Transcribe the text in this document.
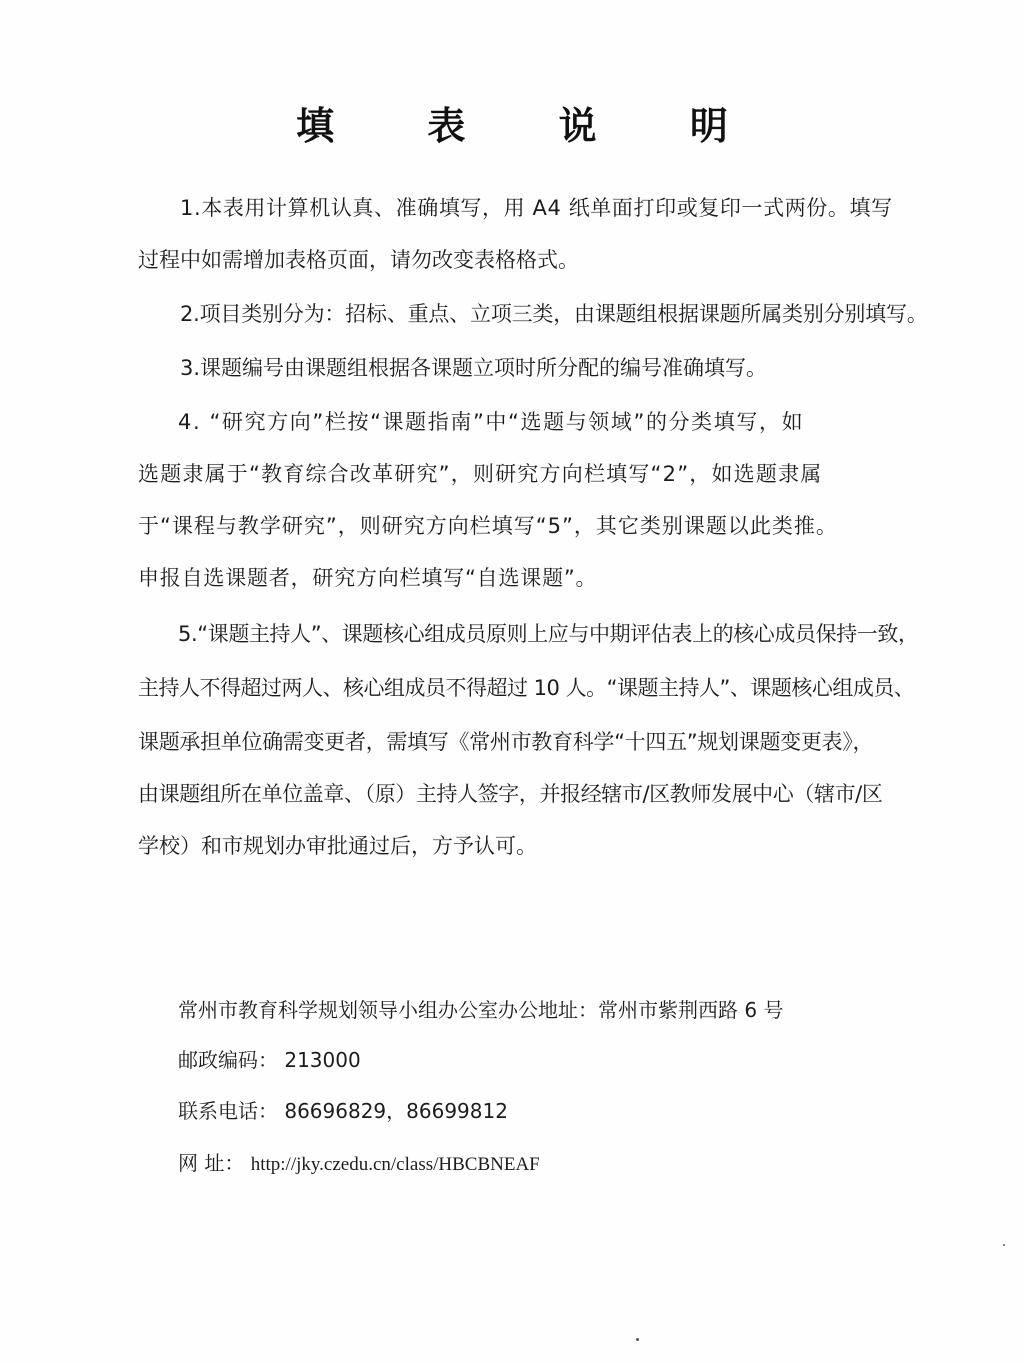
填 表 说 明
1.本表用计算机认真、准确填写，用 A4 纸单面打印或复印一式两份。填写
过程中如需增加表格页面，请勿改变表格格式。
2.项目类别分为：招标、重点、立项三类，由课题组根据课题所属类别分别填写。
3.课题编号由课题组根据各课题立项时所分配的编号准确填写。
4. “研究方向”栏按“课题指南”中“选题与领域”的分类填写，如
选题隶属于“教育综合改革研究”，则研究方向栏填写“2”，如选题隶属
于“课程与教学研究”，则研究方向栏填写“5”，其它类别课题以此类推。
申报自选课题者，研究方向栏填写“自选课题”。
5.“课题主持人”、课题核心组成员原则上应与中期评估表上的核心成员保持一致，
主持人不得超过两人、核心组成员不得超过 10 人。“课题主持人”、课题核心组成员、
课题承担单位确需变更者，需填写《常州市教育科学“十四五”规划课题变更表》，
由课题组所在单位盖章、（原）主持人签字，并报经辖市/区教师发展中心（辖市/区
学校）和市规划办审批通过后，方予认可。
常州市教育科学规划领导小组办公室办公地址：常州市紫荆西路 6 号
邮政编码： 213000
联系电话： 86696829，86699812
网 址： http://jky.czedu.cn/class/HBCBNEAF
